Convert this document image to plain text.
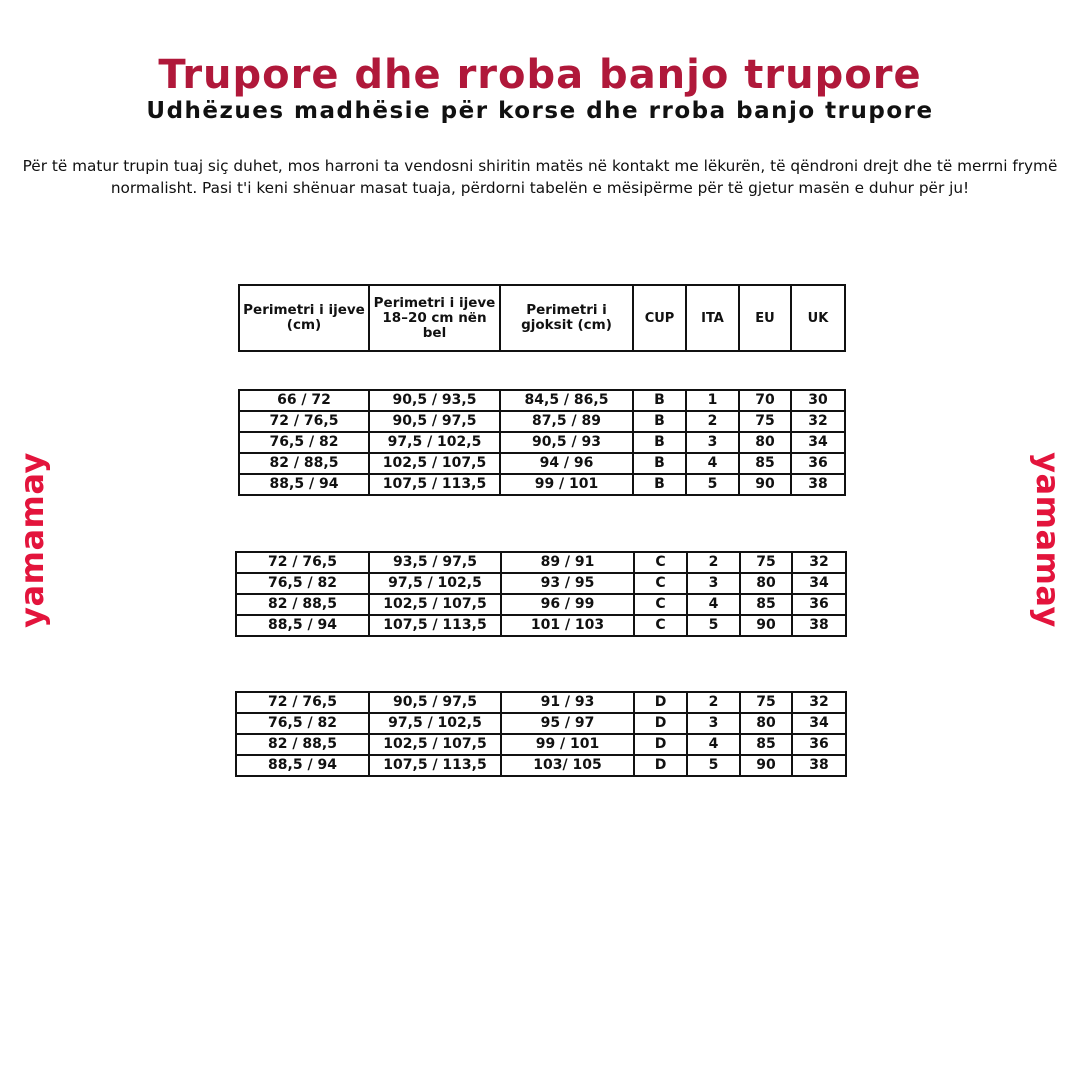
Trupore dhe rroba banjo trupore
Udhëzues madhësie për korse dhe rroba banjo trupore

Për të matur trupin tuaj siç duhet, mos harroni ta vendosni shiritin matës në kontakt me lëkurën, të qëndroni drejt dhe të merrni frymë normalisht. Pasi t'i keni shënuar masat tuaja, përdorni tabelën e mësipërme për të gjetur masën e duhur për ju!

yamamay	yamamay
Perimetri i ijeve (cm)	Perimetri i ijeve 18–20 cm nën bel	Perimetri i gjoksit (cm)	CUP	ITA	EU	UK
66 / 72	90,5 / 93,5	84,5 / 86,5	B	1	70	30
72 / 76,5	90,5 / 97,5	87,5 / 89	B	2	75	32
76,5 / 82	97,5 / 102,5	90,5 / 93	B	3	80	34
82 / 88,5	102,5 / 107,5	94 / 96	B	4	85	36
88,5 / 94	107,5 / 113,5	99 / 101	B	5	90	38
72 / 76,5	93,5 / 97,5	89 / 91	C	2	75	32
76,5 / 82	97,5 / 102,5	93 / 95	C	3	80	34
82 / 88,5	102,5 / 107,5	96 / 99	C	4	85	36
88,5 / 94	107,5 / 113,5	101 / 103	C	5	90	38
72 / 76,5	90,5 / 97,5	91 / 93	D	2	75	32
76,5 / 82	97,5 / 102,5	95 / 97	D	3	80	34
82 / 88,5	102,5 / 107,5	99 / 101	D	4	85	36
88,5 / 94	107,5 / 113,5	103/ 105	D	5	90	38
